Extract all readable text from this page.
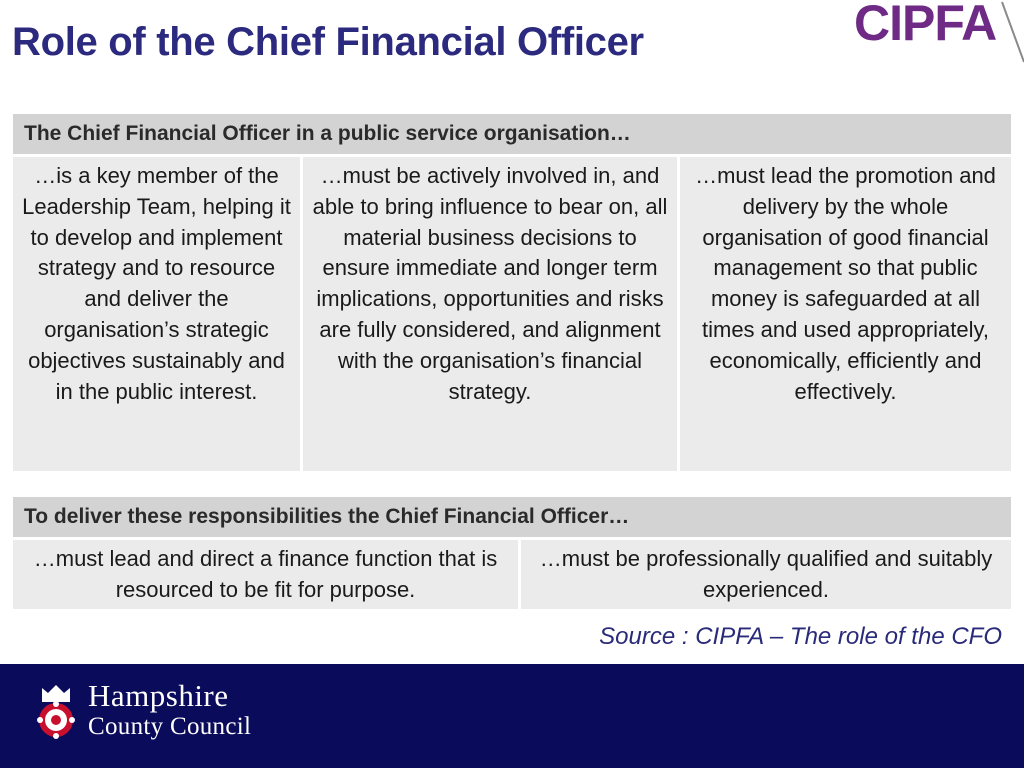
Role of the Chief Financial Officer	CIPFA
The Chief Financial Officer in a public service organisation…
…is a key member of the Leadership Team, helping it to develop and implement strategy and to resource and deliver the organisation’s strategic objectives sustainably and in the public interest.
…must be actively involved in, and able to bring influence to bear on, all material business decisions to ensure immediate and longer term implications, opportunities and risks are fully considered, and alignment with the organisation’s financial strategy.
…must lead the promotion and delivery by the whole organisation of good financial management so that public money is safeguarded at all times and used appropriately, economically, efficiently and effectively.
To deliver these responsibilities the Chief Financial Officer…
…must lead and direct a finance function that is resourced to be fit for purpose.
…must be professionally qualified and suitably experienced.
Source : CIPFA – The role of the CFO
Hampshire
County Council
